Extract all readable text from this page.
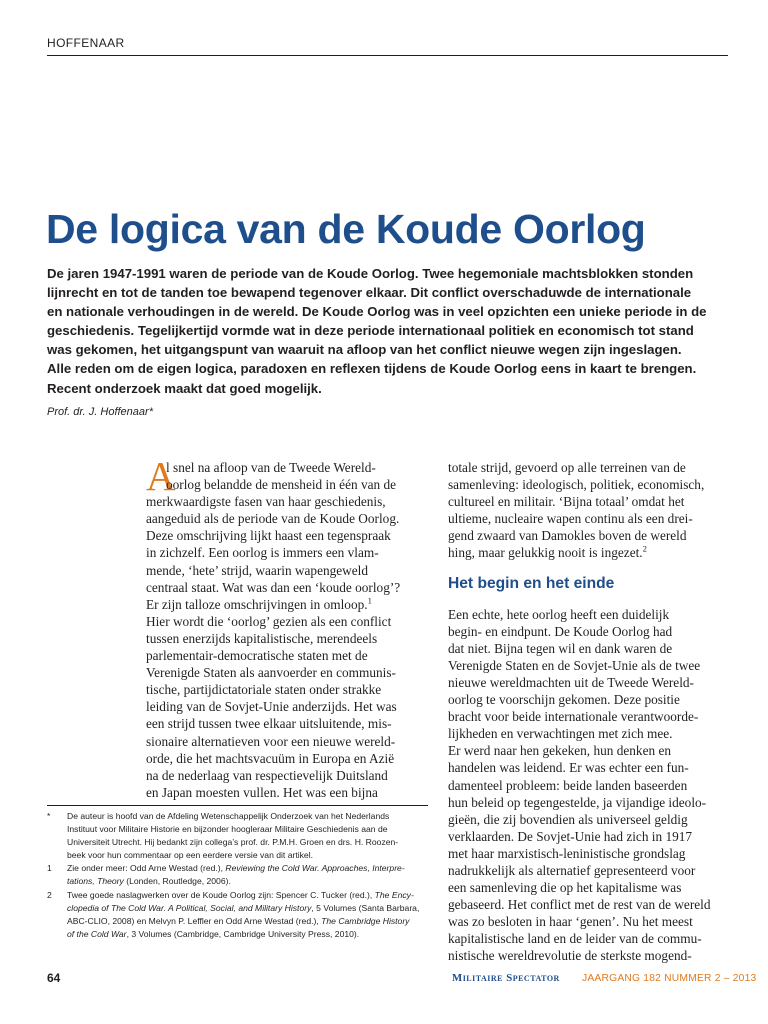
HOFFENAAR
De logica van de Koude Oorlog

De jaren 1947-1991 waren de periode van de Koude Oorlog. Twee hegemoniale machtsblokken stonden
lijnrecht en tot de tanden toe bewapend tegenover elkaar. Dit conflict overschaduwde de internationale
en nationale verhoudingen in de wereld. De Koude Oorlog was in veel opzichten een unieke periode in de
geschiedenis. Tegelijkertijd vormde wat in deze periode internationaal politiek en economisch tot stand
was gekomen, het uitgangspunt van waaruit na afloop van het conflict nieuwe wegen zijn ingeslagen.
Alle reden om de eigen logica, paradoxen en reflexen tijdens de Koude Oorlog eens in kaart te brengen.
Recent onderzoek maakt dat goed mogelijk.

Prof. dr. J. Hoffenaar*
A
l snel na afloop van de Tweede Wereld-
oorlog belandde de mensheid in één van de
merkwaardigste fasen van haar geschiedenis,
aangeduid als de periode van de Koude Oorlog.
Deze omschrijving lijkt haast een tegenspraak
in zichzelf. Een oorlog is immers een vlam-
mende, ‘hete’ strijd, waarin wapengeweld
centraal staat. Wat was dan een ‘koude oorlog’?
Er zijn talloze omschrijvingen in omloop.$^1$
Hier wordt die ‘oorlog’ gezien als een conflict
tussen enerzijds kapitalistische, merendeels
parlementair-democratische staten met de
Verenigde Staten als aanvoerder en communis-
tische, partijdictatoriale staten onder strakke
leiding van de Sovjet-Unie anderzijds. Het was
een strijd tussen twee elkaar uitsluitende, mis-
sionaire alternatieven voor een nieuwe wereld-
orde, die het machtsvacuüm in Europa en Azië
na de nederlaag van respectievelijk Duitsland
en Japan moesten vullen. Het was een bijna
totale strijd, gevoerd op alle terreinen van de
samenleving: ideologisch, politiek, economisch,
cultureel en militair. ‘Bijna totaal’ omdat het
ultieme, nucleaire wapen continu als een drei-
gend zwaard van Damokles boven de wereld
hing, maar gelukkig nooit is ingezet.$^2$
Een echte, hete oorlog heeft een duidelijk
begin- en eindpunt. De Koude Oorlog had
dat niet. Bijna tegen wil en dank waren de
Verenigde Staten en de Sovjet-Unie als de twee
nieuwe wereldmachten uit de Tweede Wereld-
oorlog te voorschijn gekomen. Deze positie
bracht voor beide internationale verantwoorde-
lijkheden en verwachtingen met zich mee.
Er werd naar hen gekeken, hun denken en
handelen was leidend. Er was echter een fun-
damenteel probleem: beide landen baseerden
hun beleid op tegengestelde, ja vijandige ideolo-
gieën, die zij bovendien als universeel geldig
verklaarden. De Sovjet-Unie had zich in 1917
met haar marxistisch-leninistische grondslag
nadrukkelijk als alternatief gepresenteerd voor
een samenleving die op het kapitalisme was
gebaseerd. Het conflict met de rest van de wereld
was zo besloten in haar ‘genen’. Nu het meest
kapitalistische land en de leider van de commu-
nistische wereldrevolutie de sterkste mogend-
Het begin en het einde
* De auteur is hoofd van de Afdeling Wetenschappelijk Onderzoek van het Nederlands
Instituut voor Militaire Historie en bijzonder hoogleraar Militaire Geschiedenis aan de
Universiteit Utrecht. Hij bedankt zijn collega’s prof. dr. P.M.H. Groen en drs. H. Roozen-
beek voor hun commentaar op een eerdere versie van dit artikel.
1 Zie onder meer: Odd Arne Westad (red.), Reviewing the Cold War. Approaches, Interpre-
tations, Theory (Londen, Routledge, 2006).
2 Twee goede naslagwerken over de Koude Oorlog zijn: Spencer C. Tucker (red.), The Ency-
clopedia of The Cold War. A Political, Social, and Military History, 5 Volumes (Santa Barbara,
ABC-CLIO, 2008) en Melvyn P. Leffler en Odd Arne Westad (red.), The Cambridge History
of the Cold War, 3 Volumes (Cambridge, Cambridge University Press, 2010).
64	Militaire Spectator JAARGANG 182 NUMMER 2 – 2013
